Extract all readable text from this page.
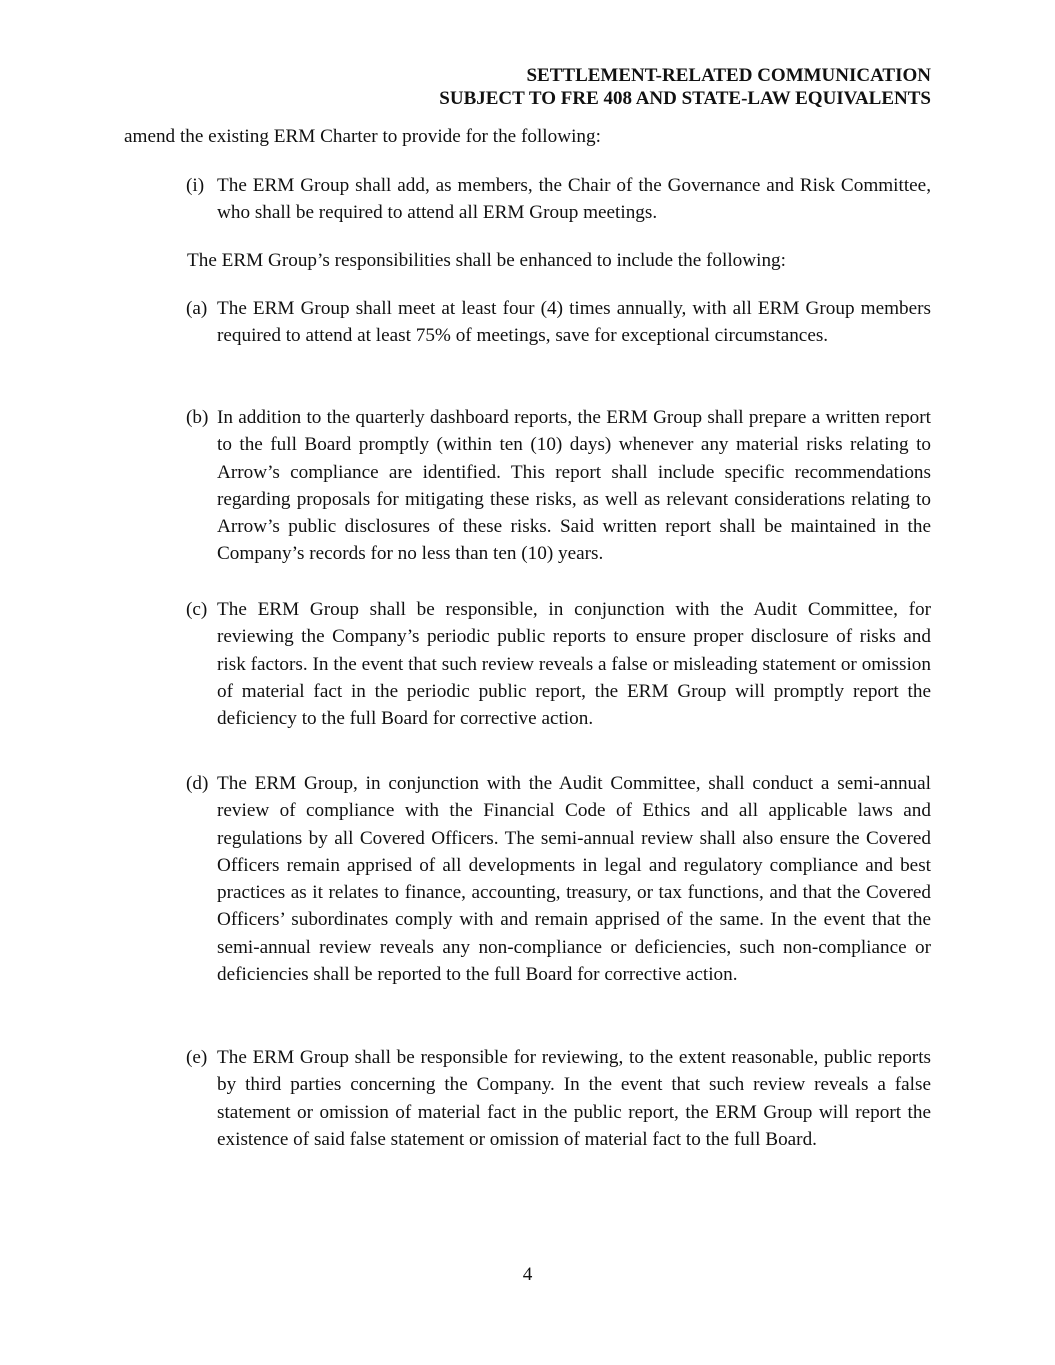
SETTLEMENT-RELATED COMMUNICATION
SUBJECT TO FRE 408 AND STATE-LAW EQUIVALENTS

amend the existing ERM Charter to provide for the following:

(i) The ERM Group shall add, as members, the Chair of the Governance and Risk Committee, who shall be required to attend all ERM Group meetings.

The ERM Group’s responsibilities shall be enhanced to include the following:

(a) The ERM Group shall meet at least four (4) times annually, with all ERM Group members required to attend at least 75% of meetings, save for exceptional circumstances.
(b) In addition to the quarterly dashboard reports, the ERM Group shall prepare a written report to the full Board promptly (within ten (10) days) whenever any material risks relating to Arrow’s compliance are identified. This report shall include specific recommendations regarding proposals for mitigating these risks, as well as relevant considerations relating to Arrow’s public disclosures of these risks. Said written report shall be maintained in the Company’s records for no less than ten (10) years.
(c) The ERM Group shall be responsible, in conjunction with the Audit Committee, for reviewing the Company’s periodic public reports to ensure proper disclosure of risks and risk factors. In the event that such review reveals a false or misleading statement or omission of material fact in the periodic public report, the ERM Group will promptly report the deficiency to the full Board for corrective action.
(d) The ERM Group, in conjunction with the Audit Committee, shall conduct a semi-annual review of compliance with the Financial Code of Ethics and all applicable laws and regulations by all Covered Officers. The semi-annual review shall also ensure the Covered Officers remain apprised of all developments in legal and regulatory compliance and best practices as it relates to finance, accounting, treasury, or tax functions, and that the Covered Officers’ subordinates comply with and remain apprised of the same. In the event that the semi-annual review reveals any non-compliance or deficiencies, such non-compliance or deficiencies shall be reported to the full Board for corrective action.
(e) The ERM Group shall be responsible for reviewing, to the extent reasonable, public reports by third parties concerning the Company. In the event that such review reveals a false statement or omission of material fact in the public report, the ERM Group will report the existence of said false statement or omission of material fact to the full Board.
4
